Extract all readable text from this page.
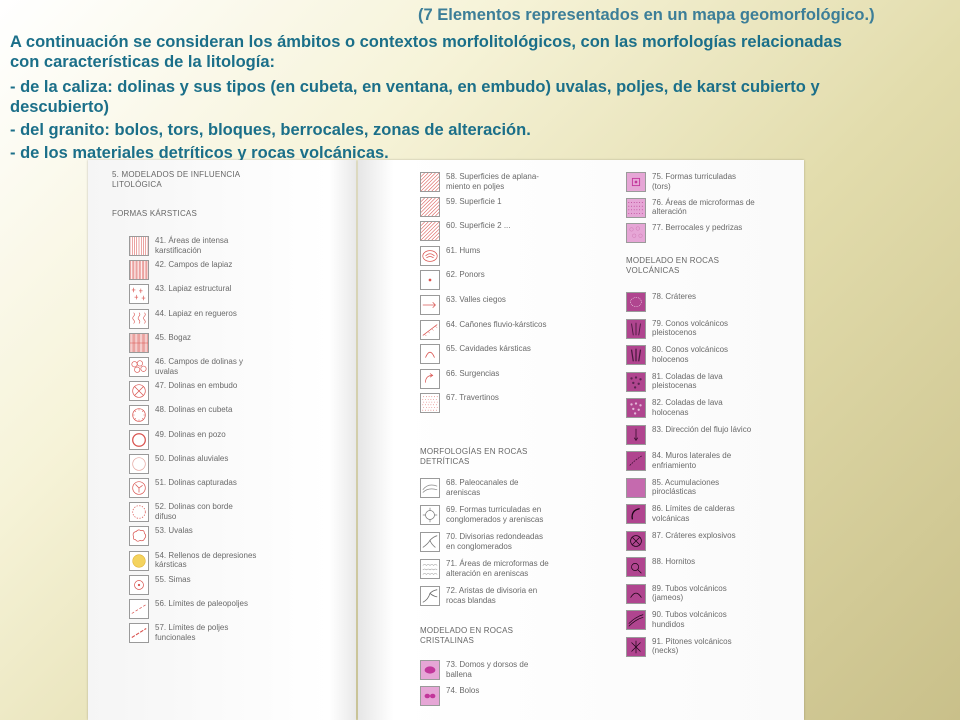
(7 Elementos representados en un mapa geomorfológico.)
A continuación se consideran los ámbitos o contextos morfolitológicos, con las morfologías relacionadas
con características de la litología:
- de la caliza: dolinas y sus tipos (en cubeta, en ventana, en embudo) uvalas, poljes, de karst cubierto y
descubierto)
- del granito: bolos, tors, bloques, berrocales, zonas de alteración.
- de los materiales detríticos y rocas volcánicas.
5. MODELADOS DE INFLUENCIA
LITOLÓGICA
FORMAS KÁRSTICAS
41. Áreas de intensa
karstificación
42. Campos de lapiaz
43. Lapiaz estructural
44. Lapiaz en regueros
45. Bogaz
46. Campos de dolinas y
uvalas
47. Dolinas en embudo
48. Dolinas en cubeta
49. Dolinas en pozo
50. Dolinas aluviales
51. Dolinas capturadas
52. Dolinas con borde
difuso
53. Uvalas
54. Rellenos de depresiones
kársticas
55. Simas
56. Límites de paleopoljes
57. Límites de poljes
funcionales
58. Superficies de aplana-
miento en poljes
59. Superficie 1
60. Superficie 2 ...
61. Hums
62. Ponors
63. Valles ciegos
64. Cañones fluvio-kársticos
65. Cavidades kársticas
66. Surgencias
67. Travertinos
68. Paleocanales de
areniscas
69. Formas turriculadas en
conglomerados y areniscas
70. Divisorias redondeadas
en conglomerados
71. Áreas de microformas de
alteración en areniscas
72. Aristas de divisoria en
rocas blandas
73. Domos y dorsos de
ballena
74. Bolos
MORFOLOGÍAS EN ROCAS
DETRÍTICAS
MODELADO EN ROCAS
CRISTALINAS
MODELADO EN ROCAS
VOLCÁNICAS
75. Formas turriculadas
(tors)
76. Áreas de microformas de
alteración
77. Berrocales y pedrizas
78. Cráteres
79. Conos volcánicos
pleistocenos
80. Conos volcánicos
holocenos
81. Coladas de lava
pleistocenas
82. Coladas de lava
holocenas
83. Dirección del flujo lávico
84. Muros laterales de
enfriamiento
85. Acumulaciones
piroclásticas
86. Límites de calderas
volcánicas
87. Cráteres explosivos
88. Hornitos
89. Tubos volcánicos
(jameos)
90. Tubos volcánicos
hundidos
91. Pitones volcánicos
(necks)
